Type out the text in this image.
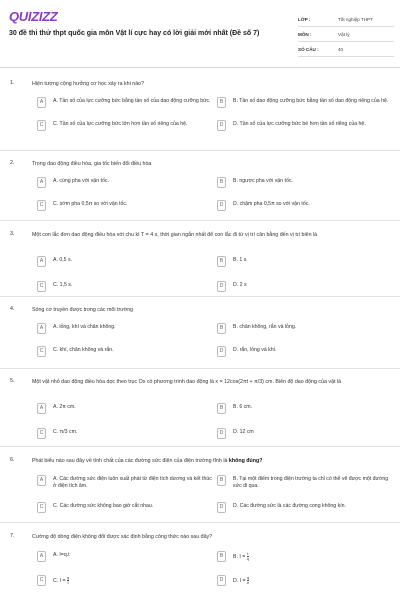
QUIZIZZ
30 đề thi thử thpt quốc gia môn Vật lí cực hay có lời giải mới nhất (Đề số 7)
LỚP :	Tốt nghiệp THPT
MÔN :	Vật lý
SỐ CÂU :	40
1.	Hiện tượng cộng hưởng cơ học xảy ra khi nào?
A	A. Tần số của lực cưỡng bức bằng tần số của dao động cưỡng bức.	B	B. Tần số dao động cưỡng bức bằng tần số dao động riêng của hệ.
C	C. Tần số của lực cưỡng bức lớn hơn tần số riêng của hệ.	D	D. Tần số của lực cưỡng bức bé hơn tần số riêng của hệ.
2.	Trong dao động điều hòa, gia tốc biến đổi điều hòa
A	A. cùng pha với vận tốc.	B	B. ngược pha với vận tốc.
C	C. sớm pha 0,5π so với vận tốc.	D	D. chậm pha 0,5π so với vận tốc.
3.	Một con lắc đơn dao động điều hòa với chu kì T = 4 s, thời gian ngắn nhất để con lắc đi từ vị trí cân bằng đến vị trí biên là
A	A. 0,5 s.	B	B. 1 s.
C	C. 1,5 s.	D	D. 2 s
4.	Sóng cơ truyền được trong các môi trường
A	A. lỏng, khí và chân không.	B	B. chân không, rắn và lỏng.
C	C. khí, chân không và rắn.	D	D. rắn, lỏng và khí.
5.	Một vật nhỏ dao động điều hòa dọc theo trục Ox có phương trình dao động là x = 12cos(2πt + π/3) cm. Biên độ dao động của vật là
A	A. 2π cm.	B	B. 6 cm.
C	C. π/3 cm.	D	D. 12 cm
6.	Phát biểu nào sau đây về tính chất của các đường sức điện của điện trường tĩnh là không đúng?
A	A. Các đường sức điện luôn xuất phát từ điện tích dương và kết thúc ở điện tích âm.
B	B. Tại một điểm trong điện trường ta chỉ có thể vẽ được một đường sức đi qua.
C	C. Các đường sức không bao giờ cắt nhau.	D	D. Các đường sức là các đường cong không kín.
7.	Cường độ dòng điện không đổi được xác định bằng công thức nào sau đây?
A	A. I=q.t	B	B. $I = \frac{t}{q}$
C	C. $I = \frac{q}{t}$	D	D. $I = \frac{q}{e}$
